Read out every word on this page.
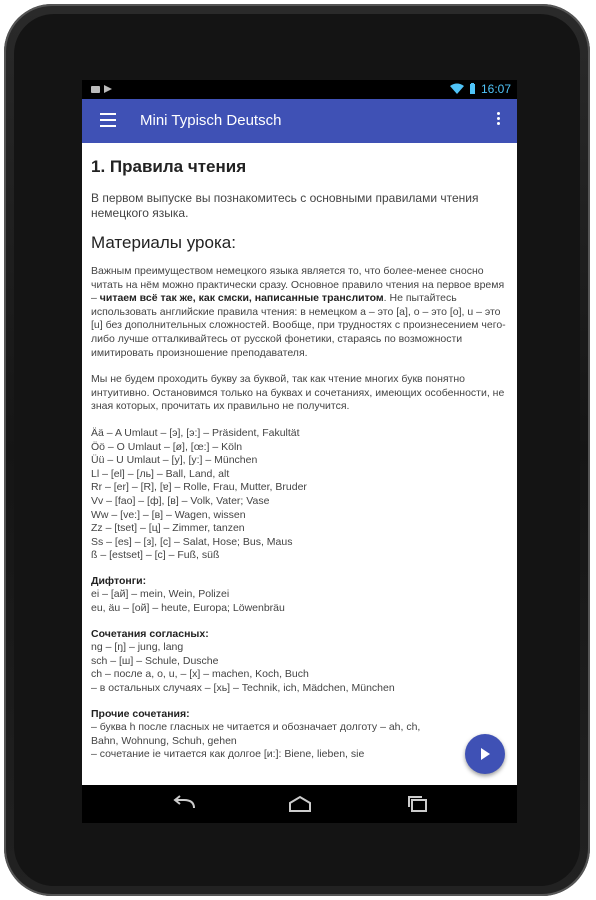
16:07
Mini Typisch Deutsch
1. Правила чтения

В первом выпуске вы познакомитесь с основными правилами чтения немецкого языка.

Материалы урока:

Важным преимуществом немецкого языка является то, что более-менее сносно читать на нём можно практически сразу. Основное правило чтения на первое время – читаем всё так же, как смски, написанные транслитом. Не пытайтесь использовать английские правила чтения: в немецком a – это [a], o – это [o], u – это [u] без дополнительных сложностей. Вообще, при трудностях с произнесением чего-либо лучше отталкивайтесь от русской фонетики, стараясь по возможности имитировать произношение преподавателя.

Мы не будем проходить букву за буквой, так как чтение многих букв понятно интуитивно. Остановимся только на буквах и сочетаниях, имеющих особенности, не зная которых, прочитать их правильно не получится.

Ää – A Umlaut – [э], [э:] – Präsident, Fakultät
Öö – O Umlaut – [ø], [œ:] – Köln
Üü – U Umlaut – [y], [y:] – München
Ll – [el] – [ль] – Ball, Land, alt
Rr – [er] – [R], [ɐ] – Rolle, Frau, Mutter, Bruder
Vv – [fao] – [ф], [в] – Volk, Vater; Vase
Ww – [ve:] – [в] – Wagen, wissen
Zz – [tset] – [ц] – Zimmer, tanzen
Ss – [es] – [з], [с] – Salat, Hose; Bus, Maus
ß – [estset] – [с] – Fuß, süß
Дифтонги:
ei – [ай] – mein, Wein, Polizei
eu, äu – [ой] – heute, Europa; Löwenbräu
Сочетания согласных:
ng – [ŋ] – jung, lang
sch – [ш] – Schule, Dusche
ch – после a, o, u, – [х] – machen, Koch, Buch
– в остальных случаях – [хь] – Technik, ich, Mädchen, München
Прочие сочетания:
– буква h после гласных не читается и обозначает долготу – ah, ch,
Bahn, Wohnung, Schuh, gehen
– сочетание ie читается как долгое [и:]: Biene, lieben, sie
